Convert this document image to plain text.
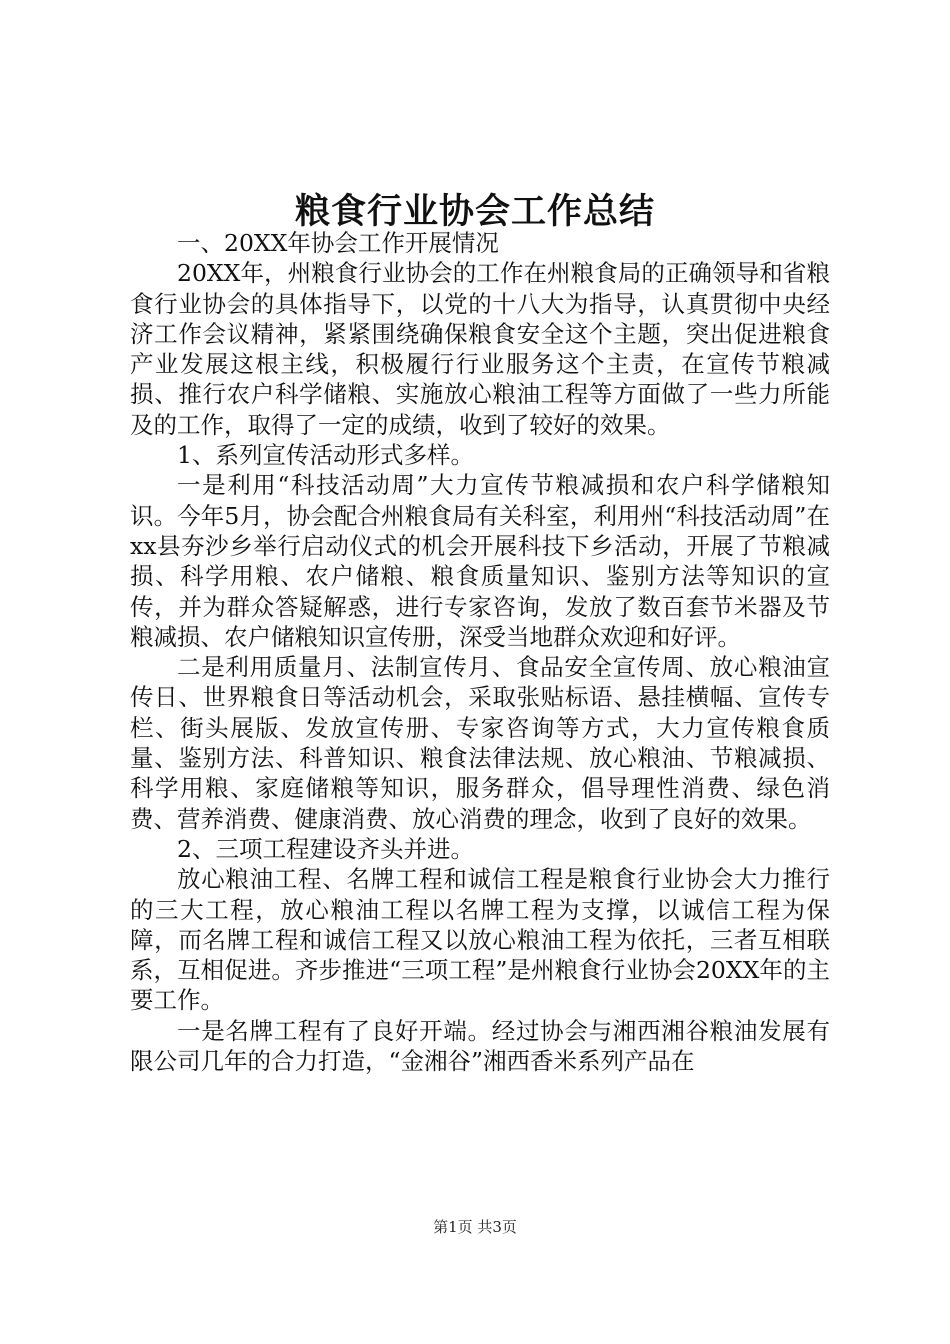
粮食行业协会工作总结

一、20XX年协会工作开展情况

20XX年，州粮食行业协会的工作在州粮食局的正确领导和省粮食行业协会的具体指导下，以党的十八大为指导，认真贯彻中央经济工作会议精神，紧紧围绕确保粮食安全这个主题，突出促进粮食产业发展这根主线，积极履行行业服务这个主责，在宣传节粮减损、推行农户科学储粮、实施放心粮油工程等方面做了一些力所能及的工作，取得了一定的成绩，收到了较好的效果。

1、系列宣传活动形式多样。

一是利用“科技活动周”大力宣传节粮减损和农户科学储粮知识。今年5月，协会配合州粮食局有关科室，利用州“科技活动周”在xx县夯沙乡举行启动仪式的机会开展科技下乡活动，开展了节粮减损、科学用粮、农户储粮、粮食质量知识、鉴别方法等知识的宣传，并为群众答疑解惑，进行专家咨询，发放了数百套节米器及节粮减损、农户储粮知识宣传册，深受当地群众欢迎和好评。

二是利用质量月、法制宣传月、食品安全宣传周、放心粮油宣传日、世界粮食日等活动机会，采取张贴标语、悬挂横幅、宣传专栏、街头展版、发放宣传册、专家咨询等方式，大力宣传粮食质量、鉴别方法、科普知识、粮食法律法规、放心粮油、节粮减损、科学用粮、家庭储粮等知识，服务群众，倡导理性消费、绿色消费、营养消费、健康消费、放心消费的理念，收到了良好的效果。

2、三项工程建设齐头并进。

放心粮油工程、名牌工程和诚信工程是粮食行业协会大力推行的三大工程，放心粮油工程以名牌工程为支撑，以诚信工程为保障，而名牌工程和诚信工程又以放心粮油工程为依托，三者互相联系，互相促进。齐步推进“三项工程”是州粮食行业协会20XX年的主要工作。

一是名牌工程有了良好开端。经过协会与湘西湘谷粮油发展有限公司几年的合力打造，“金湘谷”湘西香米系列产品在

第1页 共3页
